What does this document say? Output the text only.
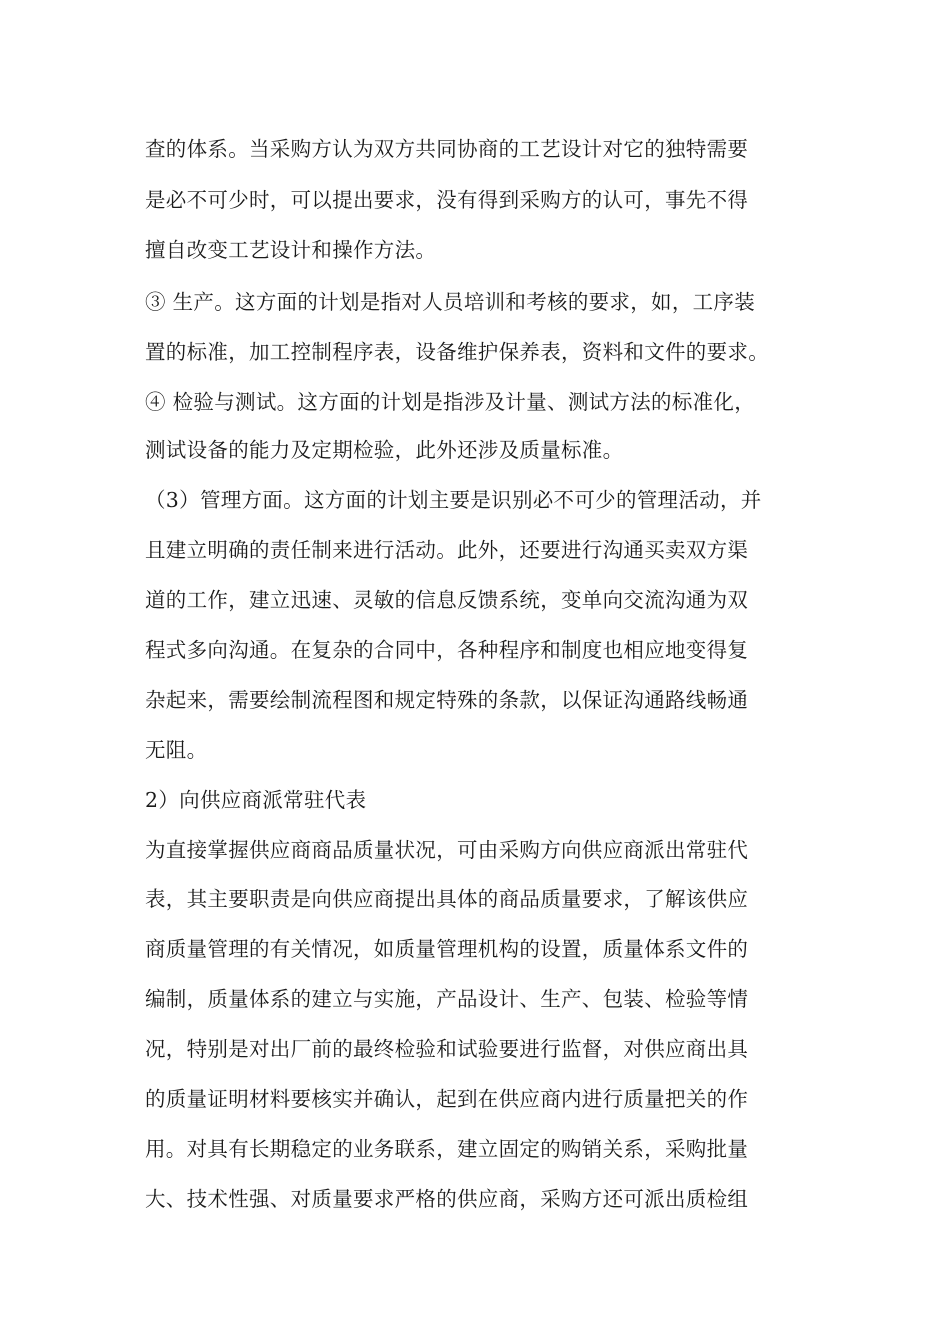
查的体系。当采购方认为双方共同协商的工艺设计对它的独特需要
是必不可少时，可以提出要求，没有得到采购方的认可，事先不得
擅自改变工艺设计和操作方法。
③ 生产。这方面的计划是指对人员培训和考核的要求，如，工序装
置的标准，加工控制程序表，设备维护保养表，资料和文件的要求。
④ 检验与测试。这方面的计划是指涉及计量、测试方法的标准化，
测试设备的能力及定期检验，此外还涉及质量标准。
（3）管理方面。这方面的计划主要是识别必不可少的管理活动，并
且建立明确的责任制来进行活动。此外，还要进行沟通买卖双方渠
道的工作，建立迅速、灵敏的信息反馈系统，变单向交流沟通为双
程式多向沟通。在复杂的合同中，各种程序和制度也相应地变得复
杂起来，需要绘制流程图和规定特殊的条款，以保证沟通路线畅通
无阻。
2）向供应商派常驻代表
为直接掌握供应商商品质量状况，可由采购方向供应商派出常驻代
表，其主要职责是向供应商提出具体的商品质量要求，了解该供应
商质量管理的有关情况，如质量管理机构的设置，质量体系文件的
编制，质量体系的建立与实施，产品设计、生产、包装、检验等情
况，特别是对出厂前的最终检验和试验要进行监督，对供应商出具
的质量证明材料要核实并确认，起到在供应商内进行质量把关的作
用。对具有长期稳定的业务联系，建立固定的购销关系，采购批量
大、技术性强、对质量要求严格的供应商，采购方还可派出质检组
